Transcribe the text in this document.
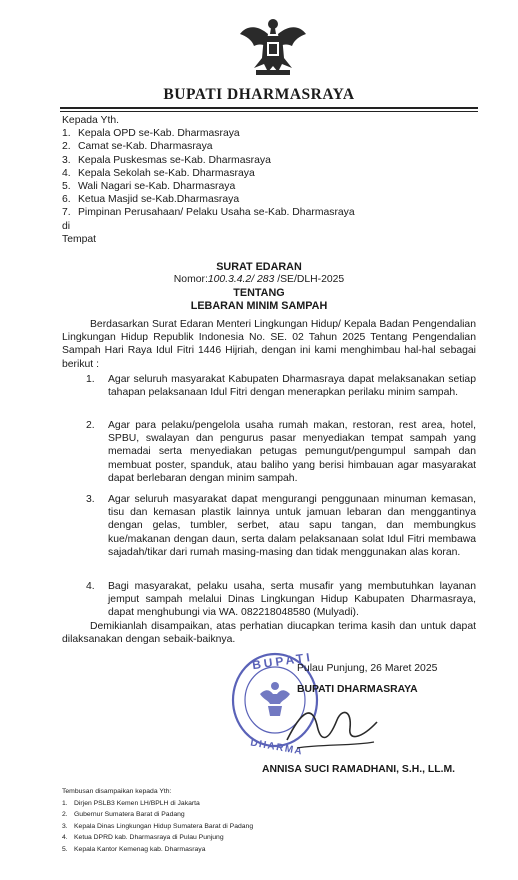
BUPATI DHARMASRAYA
Kepada Yth.
1. Kepala OPD se-Kab. Dharmasraya
2. Camat se-Kab. Dharmasraya
3. Kepala Puskesmas se-Kab. Dharmasraya
4. Kepala Sekolah se-Kab. Dharmasraya
5. Wali Nagari se-Kab. Dharmasraya
6. Ketua Masjid se-Kab.Dharmasraya
7. Pimpinan Perusahaan/ Pelaku Usaha se-Kab. Dharmasraya
di
Tempat
SURAT EDARAN
Nomor:100.3.4.2/ 283 /SE/DLH-2025
TENTANG
LEBARAN MINIM SAMPAH
Berdasarkan Surat Edaran Menteri Lingkungan Hidup/ Kepala Badan Pengendalian Lingkungan Hidup Republik Indonesia No. SE. 02 Tahun 2025 Tentang Pengendalian Sampah Hari Raya Idul Fitri 1446 Hijriah, dengan ini kami menghimbau hal-hal sebagai berikut :
1.	Agar seluruh masyarakat Kabupaten Dharmasraya dapat melaksanakan setiap tahapan pelaksanaan Idul Fitri dengan menerapkan perilaku minim sampah.
2.	Agar para pelaku/pengelola usaha rumah makan, restoran, rest area, hotel, SPBU, swalayan dan pengurus pasar menyediakan tempat sampah yang memadai serta menyediakan petugas pemungut/pengumpul sampah dan membuat poster, spanduk, atau baliho yang berisi himbauan agar masyarakat dapat berlebaran dengan minim sampah.
3.	Agar seluruh masyarakat dapat mengurangi penggunaan minuman kemasan, tisu dan kemasan plastik lainnya untuk jamuan lebaran dan menggantinya dengan gelas, tumbler, serbet, atau sapu tangan, dan membungkus kue/makanan dengan daun, serta dalam pelaksanaan solat Idul Fitri membawa sajadah/tikar dari rumah masing-masing dan tidak menggunakan alas koran.
4.	Bagi masyarakat, pelaku usaha, serta musafir yang membutuhkan layanan jemput sampah melalui Dinas Lingkungan Hidup Kabupaten Dharmasraya, dapat menghubungi via WA. 082218048580 (Mulyadi).
Demikianlah disampaikan, atas perhatian diucapkan terima kasih dan untuk dapat dilaksanakan dengan sebaik-baiknya.
BUPATI
DHARMA
Pulau Punjung, 26 Maret 2025
BUPATI DHARMASRAYA
ANNISA SUCI RAMADHANI, S.H., LL.M.
Tembusan disampaikan kepada Yth:
1. Dirjen PSLB3 Kemen LH/BPLH di Jakarta
2. Gubernur Sumatera Barat di Padang
3. Kepala Dinas Lingkungan Hidup Sumatera Barat di Padang
4. Ketua DPRD kab. Dharmasraya di Pulau Punjung
5. Kepala Kantor Kemenag kab. Dharmasraya
